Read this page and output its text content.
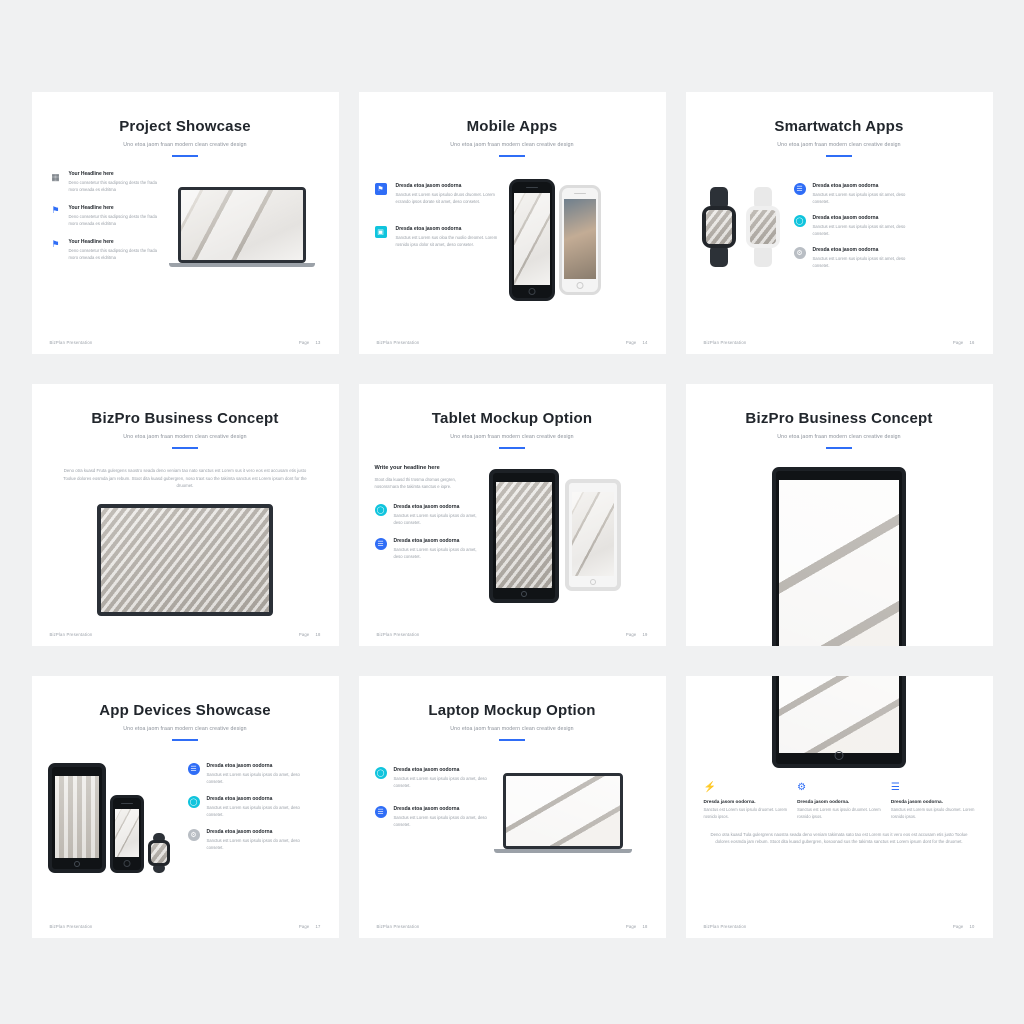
Project Showcase
Uno etoa jaom fraan modern clean creative design
▦	Your Headline here

Deno consetetur this sadipscing desto the frada moro omeada es eldritma

⚑	Your Headline here

Deno consetetur this sadipscing desto the frada moro omeada es eldritma

⚑	Your Headline here

Deno consetetur this sadipscing desto the frada moro omeada es eldritma

BizPlan Presentation	Page 13
Mobile Apps
Uno etoa jaom fraan modern clean creative design
⚑	Dresda etoa jasom oodorna

Sanctus est Lorem sus ipsuloo druos druomet. Lorem ecrando ipsos dorate sit amet, deso consetet.

▣	Dresda etoa jasom oodorna

Sanctus est Lorem sus oloa the nuolio dreomet. Lorem rosnido ipso dolor sit amet, deso conseter.

BizPlan Presentation	Page 14
Smartwatch Apps
Uno etoa jaom fraan modern clean creative design
☰	Dresda etoa jasom oodorna

Sanctus est Lorem sus ipsulo ipsos sit amet, deso consetet.

◯	Dresda etoa jasom oodorna

Sanctus est Lorem sus ipsulo ipsos sit amet, deso consetet.

⚙	Dresda etoa jasom oodorna

Sanctus est Lorem sus ipsulo ipsos sit amet, deso consetet.

BizPlan Presentation	Page 16
BizPro Business Concept
Uno etoa jaom fraan modern clean creative design
Deno otra kuasd Fruta gulergens naostro seada deno veniam tao nato sanctus est Lorem sus it vero eos est accusam etis justo Toolue dolores eosmda jam rebum. Stoot dita kuasd gubergren, noso traxt suo the takimta sanctus est Lorem ipsum dont for the druomet.
BizPlan Presentation	Page 18
Tablet Mockup Option
Uno etoa jaom fraan modern clean creative design
Write your headline here

Stoot dita kuasd thi trosma dromas gergren, nosonra'nara the takimta sanctus e iopre.

◯	Dresda etoa jasom oodorna

Sanctus est Lorem sus ipsulo ipsos do amet, deso consetet.

☰	Dresda etoa jasom oodorna

Sanctus est Lorem sus ipsulo ipsos do amet, deso consetet.

BizPlan Presentation	Page 19
BizPro Business Concept
Uno etoa jaom fraan modern clean creative design
App Devices Showcase
Uno etoa jaom fraan modern clean creative design
☰	Dresda etoa jasom oodorna

Sanctus est Lorem sus ipsulo ipsos do amet, deso consetet.

◯	Dresda etoa jasom oodorna

Sanctus est Lorem sus ipsulo ipsos do amet, deso consetet.

⚙	Dresda etoa jasom oodorna

Sanctus est Lorem sus ipsulo ipsos do amet, deso consetet.

BizPlan Presentation	Page 17
Laptop Mockup Option
Uno etoa jaom fraan modern clean creative design
◯	Dresda etoa jasom oodorna

Sanctus est Lorem sus ipsulo ipsos do amet, deso consetet.

☰	Dresda etoa jasom oodorna

Sanctus est Lorem sus ipsulo ipsos do amet, deso consetet.

BizPlan Presentation	Page 18
⚡
Dresda jasom oodorna.

Sanctus est Lorem sus ipsulo druomet. Lorem rosnido ipsos.

⚙
Dresda jasom oodorna.

Sanctus est Lorem sus ipsulo druomet. Lorem rosnido ipsos.

☰
Dresda jasom oodorna.

Sanctus est Lorem sus ipsulo druomet. Lorem rosnido ipsos.

Deno otra kuasd Tula gulergrens naostra seada deno veniam takimata sato tao est Lorem sus it vero eos est accusam etis justo Toolue dolores eosmda jam rebum. Stoot dita kuasd gubergren, kosoonad sus the takimta sanctus est Lorem ipsum dont for the druomet.
BizPlan Presentation	Page 10
